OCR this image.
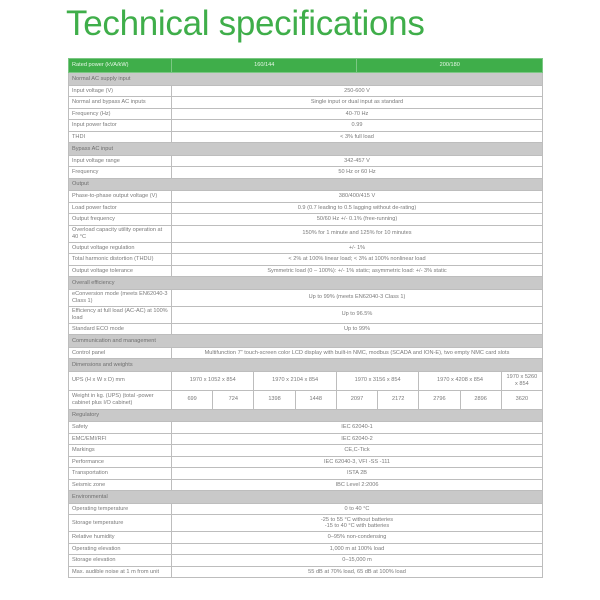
Technical specifications
Rated power (kVA/kW)	160/144					200/180				
Normal AC supply input										
Input voltage (V)	250-600 V									
Normal and bypass AC inputs	Single input or dual input as standard									
Frequency (Hz)	40-70 Hz									
Input power factor	0.99									
THDI	< 3% full load									
Bypass AC input										
Input voltage range	342-457 V									
Frequency	50 Hz or 60 Hz									
Output										
Phase-to-phase output voltage (V)	380/400/415 V									
Load power factor	0.9 (0.7 leading to 0.5 lagging without de-rating)									
Output frequency	50/60 Hz +/- 0.1% (free-running)									
Overload capacity utility operation at 40 °C	150% for 1 minute and 125% for 10 minutes									
Output voltage regulation	+/- 1%									
Total harmonic distortion (THDU)	< 2% at 100% linear load; < 3% at 100% nonlinear load									
Output voltage tolerance	Symmetric load (0 – 100%): +/- 1% static; asymmetric load: +/- 3% static									
Overall efficiency										
eConversion mode (meets EN62040-3 Class 1)	Up to 99% (meets EN62040-3 Class 1)									
Efficiency at full load (AC-AC) at 100% load	Up to 96.5%									
Standard ECO mode	Up to 99%									
Communication and management										
Control panel	Multifunction 7" touch-screen color LCD display with built-in NMC, modbus (SCADA and ION-E), two empty NMC card slots									
Dimensions and weights										
UPS (H x W x D) mm	1970 x 1052 x 854		1970 x 2104 x 854		1970 x 3156 x 854			1970 x 4208 x 854		1970 x 5260 x 854
Weight in kg. (UPS) (total -power cabinet plus I/O cabinet)	699	724	1398	1448	2097		2172	2796	2896	3620
Regulatory										
Safety	IEC 62040-1									
EMC/EMI/RFI	IEC 62040-2									
Markings	CE,C-Tick									
Performance	IEC 62040-3, VFI -SS -111									
Transportation	ISTA 2B									
Seismic zone	IBC Level 2:2006									
Environmental										
Operating temperature	0 to 40 °C									
Storage temperature	-25 to 55 °C without batteries
-15 to 40 °C with batteries									
Relative humidity	0–95% non-condensing									
Operating elevation	1,000 m at 100% load									
Storage elevation	0–15,000 m									
Max. audible noise at 1 m from unit	55 dB at 70% load, 65 dB at 100% load									
